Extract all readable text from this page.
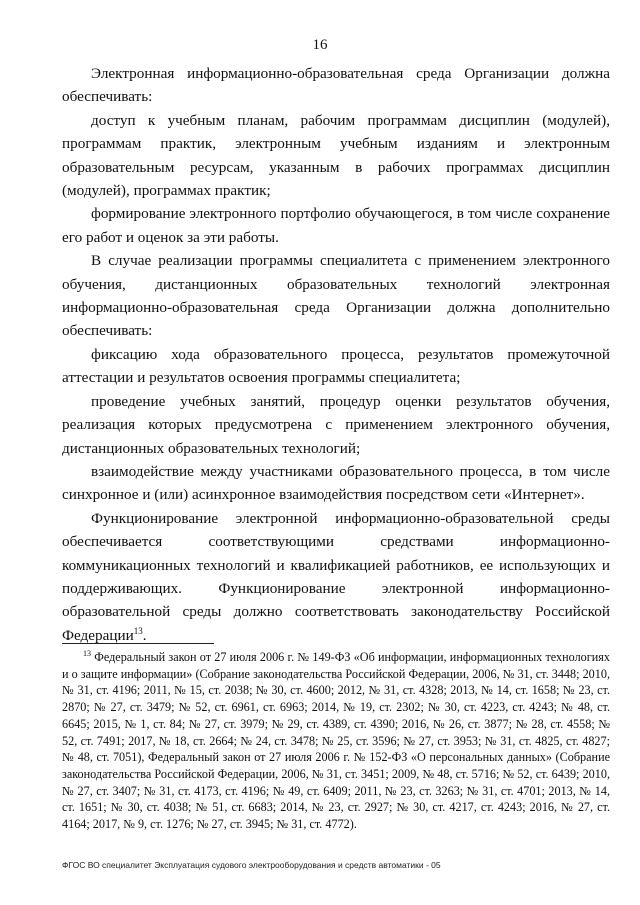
16

Электронная информационно-образовательная среда Организации должна обеспечивать:

доступ к учебным планам, рабочим программам дисциплин (модулей), программам практик, электронным учебным изданиям и электронным образовательным ресурсам, указанным в рабочих программах дисциплин (модулей), программах практик;

формирование электронного портфолио обучающегося, в том числе сохранение его работ и оценок за эти работы.

В случае реализации программы специалитета с применением электронного обучения, дистанционных образовательных технологий электронная информационно-образовательная среда Организации должна дополнительно обеспечивать:

фиксацию хода образовательного процесса, результатов промежуточной аттестации и результатов освоения программы специалитета;

проведение учебных занятий, процедур оценки результатов обучения, реализация которых предусмотрена с применением электронного обучения, дистанционных образовательных технологий;

взаимодействие между участниками образовательного процесса, в том числе синхронное и (или) асинхронное взаимодействия посредством сети «Интернет».

Функционирование электронной информационно-образовательной среды обеспечивается соответствующими средствами информационно-коммуникационных технологий и квалификацией работников, ее использующих и поддерживающих. Функционирование электронной информационно-образовательной среды должно соответствовать законодательству Российской Федерации$^{13}$.

$^{13}$ Федеральный закон от 27 июля 2006 г. № 149-ФЗ «Об информации, информационных технологиях и о защите информации» (Собрание законодательства Российской Федерации, 2006, № 31, ст. 3448; 2010, № 31, ст. 4196; 2011, № 15, ст. 2038; № 30, ст. 4600; 2012, № 31, ст. 4328; 2013, № 14, ст. 1658; № 23, ст. 2870; № 27, ст. 3479; № 52, ст. 6961, ст. 6963; 2014, № 19, ст. 2302; № 30, ст. 4223, ст. 4243; № 48, ст. 6645; 2015, № 1, ст. 84; № 27, ст. 3979; № 29, ст. 4389, ст. 4390; 2016, № 26, ст. 3877; № 28, ст. 4558; № 52, ст. 7491; 2017, № 18, ст. 2664; № 24, ст. 3478; № 25, ст. 3596; № 27, ст. 3953; № 31, ст. 4825, ст. 4827; № 48, ст. 7051), Федеральный закон от 27 июля 2006 г. № 152-ФЗ «О персональных данных» (Собрание законодательства Российской Федерации, 2006, № 31, ст. 3451; 2009, № 48, ст. 5716; № 52, ст. 6439; 2010, № 27, ст. 3407; № 31, ст. 4173, ст. 4196; № 49, ст. 6409; 2011, № 23, ст. 3263; № 31, ст. 4701; 2013, № 14, ст. 1651; № 30, ст. 4038; № 51, ст. 6683; 2014, № 23, ст. 2927; № 30, ст. 4217, ст. 4243; 2016, № 27, ст. 4164; 2017, № 9, ст. 1276; № 27, ст. 3945; № 31, ст. 4772).

ФГОС ВО специалитет Эксплуатация судового электрооборудования и средств автоматики - 05
